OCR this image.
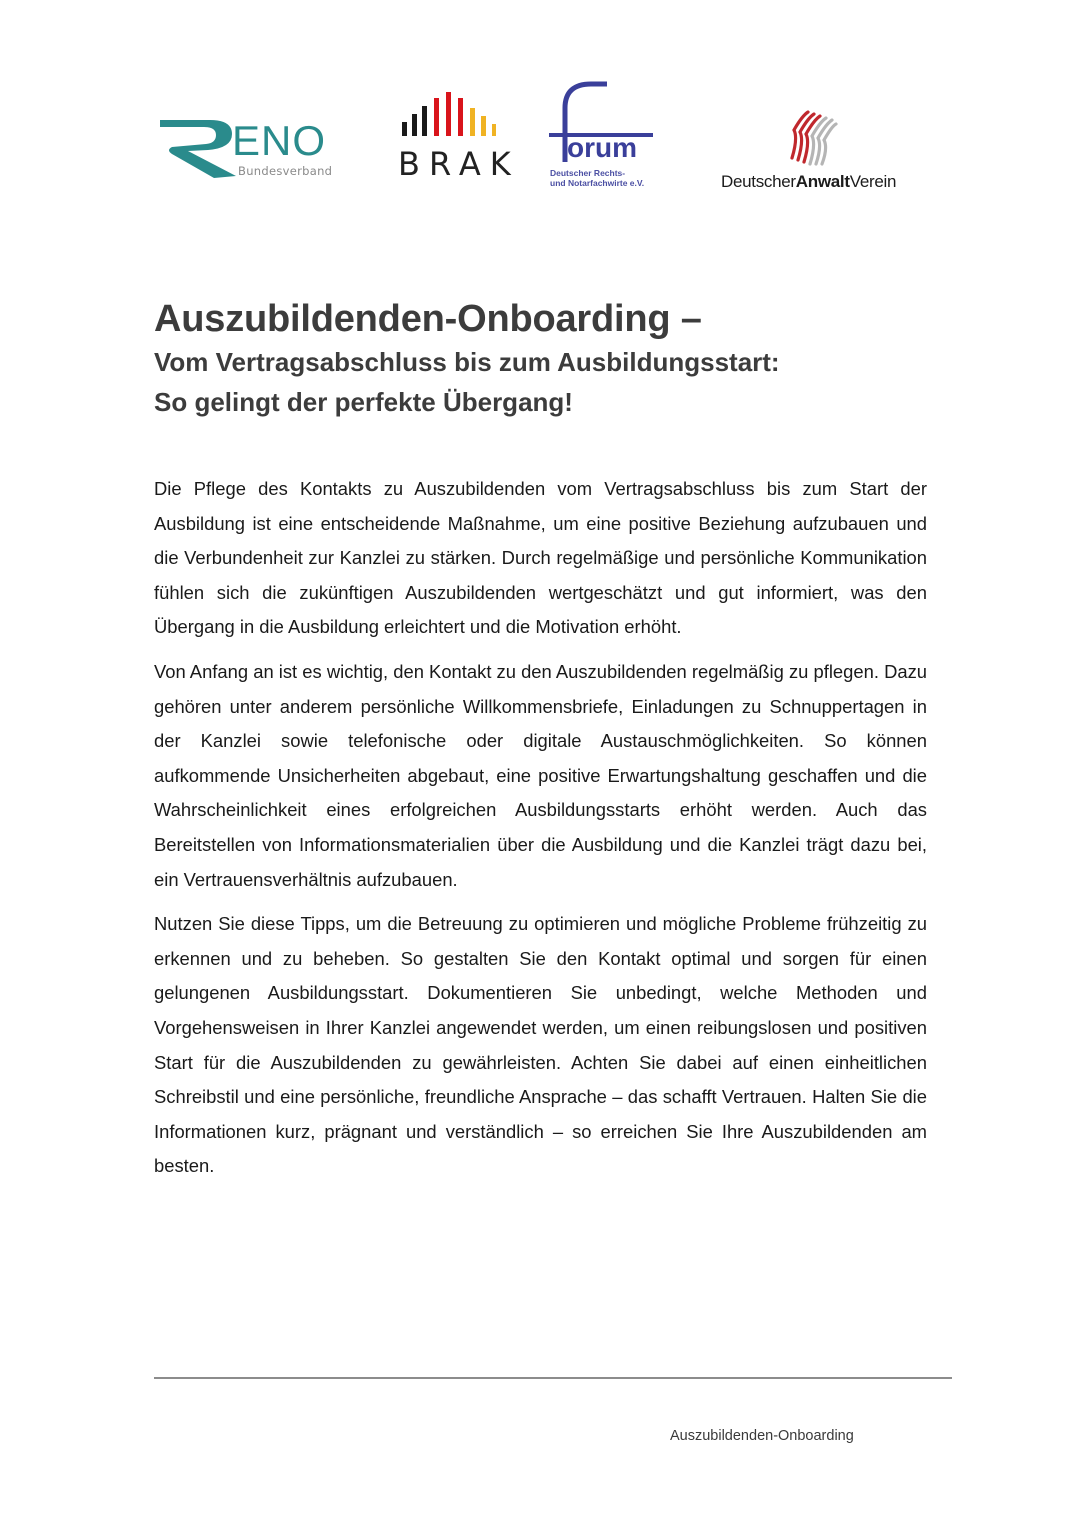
ENO
Bundesverband BRAK orum
Deutscher Rechts-
und Notarfachwirte e.V.	DeutscherAnwaltVerein
Auszubildenden-Onboarding –
Vom Vertragsabschluss bis zum Ausbildungsstart:
So gelingt der perfekte Übergang!

Die Pflege des Kontakts zu Auszubildenden vom Vertragsabschluss bis zum Start der Ausbildung ist eine entscheidende Maßnahme, um eine positive Beziehung aufzubauen und die Verbundenheit zur Kanzlei zu stärken. Durch regelmäßige und persönliche Kommunikation fühlen sich die zukünftigen Auszubildenden wertgeschätzt und gut informiert, was den Übergang in die Ausbildung erleichtert und die Motivation erhöht.

Von Anfang an ist es wichtig, den Kontakt zu den Auszubildenden regelmäßig zu pflegen. Dazu gehören unter anderem persönliche Willkommensbriefe, Einladungen zu Schnuppertagen in der Kanzlei sowie telefonische oder digitale Austauschmöglichkeiten. So können aufkommende Unsicherheiten abgebaut, eine positive Erwartungshaltung geschaffen und die Wahrscheinlichkeit eines erfolgreichen Ausbildungsstarts erhöht werden. Auch das Bereitstellen von Informationsmaterialien über die Ausbildung und die Kanzlei trägt dazu bei, ein Vertrauensverhältnis aufzubauen.

Nutzen Sie diese Tipps, um die Betreuung zu optimieren und mögliche Probleme frühzeitig zu erkennen und zu beheben. So gestalten Sie den Kontakt optimal und sorgen für einen gelungenen Ausbildungsstart. Dokumentieren Sie unbedingt, welche Methoden und Vorgehensweisen in Ihrer Kanzlei angewendet werden, um einen reibungslosen und positiven Start für die Auszubildenden zu gewährleisten. Achten Sie dabei auf einen einheitlichen Schreibstil und eine persönliche, freundliche Ansprache – das schafft Vertrauen. Halten Sie die Informationen kurz, prägnant und verständlich – so erreichen Sie Ihre Auszubildenden am besten.

Auszubildenden-Onboarding
